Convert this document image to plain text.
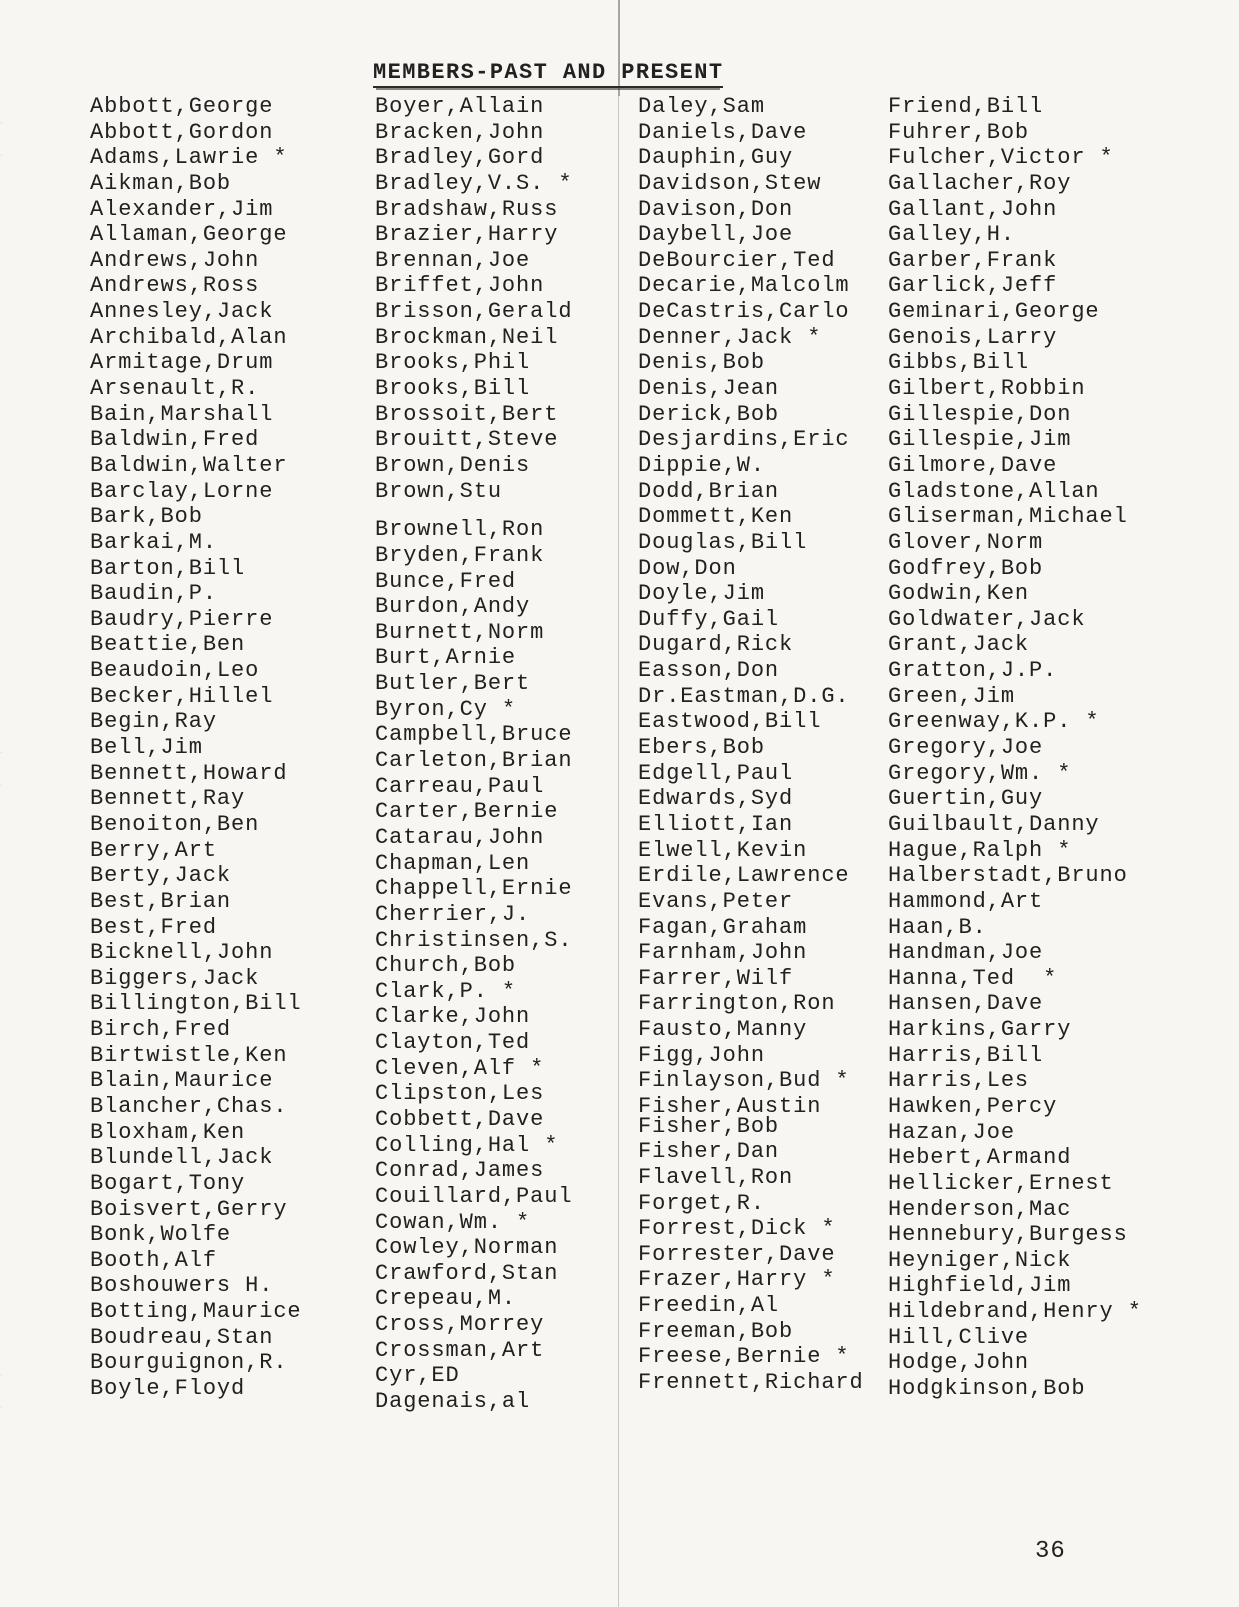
MEMBERS-PAST AND PRESENT
Abbott,George
Abbott,Gordon
Adams,Lawrie *
Aikman,Bob
Alexander,Jim
Allaman,George
Andrews,John
Andrews,Ross
Annesley,Jack
Archibald,Alan
Armitage,Drum
Arsenault,R.
Bain,Marshall
Baldwin,Fred
Baldwin,Walter
Barclay,Lorne
Bark,Bob
Barkai,M.
Barton,Bill
Baudin,P.
Baudry,Pierre
Beattie,Ben
Beaudoin,Leo
Becker,Hillel
Begin,Ray
Bell,Jim
Bennett,Howard
Bennett,Ray
Benoiton,Ben
Berry,Art
Berty,Jack
Best,Brian
Best,Fred
Bicknell,John
Biggers,Jack
Billington,Bill
Birch,Fred
Birtwistle,Ken
Blain,Maurice
Blancher,Chas.
Bloxham,Ken
Blundell,Jack
Bogart,Tony
Boisvert,Gerry
Bonk,Wolfe
Booth,Alf
Boshouwers H.
Botting,Maurice
Boudreau,Stan
Bourguignon,R.
Boyle,Floyd
Boyer,Allain
Bracken,John
Bradley,Gord
Bradley,V.S. *
Bradshaw,Russ
Brazier,Harry
Brennan,Joe
Briffet,John
Brisson,Gerald
Brockman,Neil
Brooks,Phil
Brooks,Bill
Brossoit,Bert
Brouitt,Steve
Brown,Denis
Brown,Stu
Brownell,Ron
Bryden,Frank
Bunce,Fred
Burdon,Andy
Burnett,Norm
Burt,Arnie
Butler,Bert
Byron,Cy *
Campbell,Bruce
Carleton,Brian
Carreau,Paul
Carter,Bernie
Catarau,John
Chapman,Len
Chappell,Ernie
Cherrier,J.
Christinsen,S.
Church,Bob
Clark,P. *
Clarke,John
Clayton,Ted
Cleven,Alf *
Clipston,Les
Cobbett,Dave
Colling,Hal *
Conrad,James
Couillard,Paul
Cowan,Wm. *
Cowley,Norman
Crawford,Stan
Crepeau,M.
Cross,Morrey
Crossman,Art
Cyr,ED
Dagenais,al
Daley,Sam
Daniels,Dave
Dauphin,Guy
Davidson,Stew
Davison,Don
Daybell,Joe
DeBourcier,Ted
Decarie,Malcolm
DeCastris,Carlo
Denner,Jack *
Denis,Bob
Denis,Jean
Derick,Bob
Desjardins,Eric
Dippie,W.
Dodd,Brian
Dommett,Ken
Douglas,Bill
Dow,Don
Doyle,Jim
Duffy,Gail
Dugard,Rick
Easson,Don
Dr.Eastman,D.G.
Eastwood,Bill
Ebers,Bob
Edgell,Paul
Edwards,Syd
Elliott,Ian
Elwell,Kevin
Erdile,Lawrence
Evans,Peter
Fagan,Graham
Farnham,John
Farrer,Wilf
Farrington,Ron
Fausto,Manny
Figg,John
Finlayson,Bud *
Fisher,Austin
Fisher,Bob
Fisher,Dan
Flavell,Ron
Forget,R.
Forrest,Dick *
Forrester,Dave
Frazer,Harry *
Freedin,Al
Freeman,Bob
Freese,Bernie *
Frennett,Richard
Friend,Bill
Fuhrer,Bob
Fulcher,Victor *
Gallacher,Roy
Gallant,John
Galley,H.
Garber,Frank
Garlick,Jeff
Geminari,George
Genois,Larry
Gibbs,Bill
Gilbert,Robbin
Gillespie,Don
Gillespie,Jim
Gilmore,Dave
Gladstone,Allan
Gliserman,Michael
Glover,Norm
Godfrey,Bob
Godwin,Ken
Goldwater,Jack
Grant,Jack
Gratton,J.P.
Green,Jim
Greenway,K.P. *
Gregory,Joe
Gregory,Wm. *
Guertin,Guy
Guilbault,Danny
Hague,Ralph *
Halberstadt,Bruno
Hammond,Art
Haan,B.
Handman,Joe
Hanna,Ted  *
Hansen,Dave
Harkins,Garry
Harris,Bill
Harris,Les
Hawken,Percy
Hazan,Joe
Hebert,Armand
Hellicker,Ernest
Henderson,Mac
Hennebury,Burgess
Heyniger,Nick
Highfield,Jim
Hildebrand,Henry *
Hill,Clive
Hodge,John
Hodgkinson,Bob
36
